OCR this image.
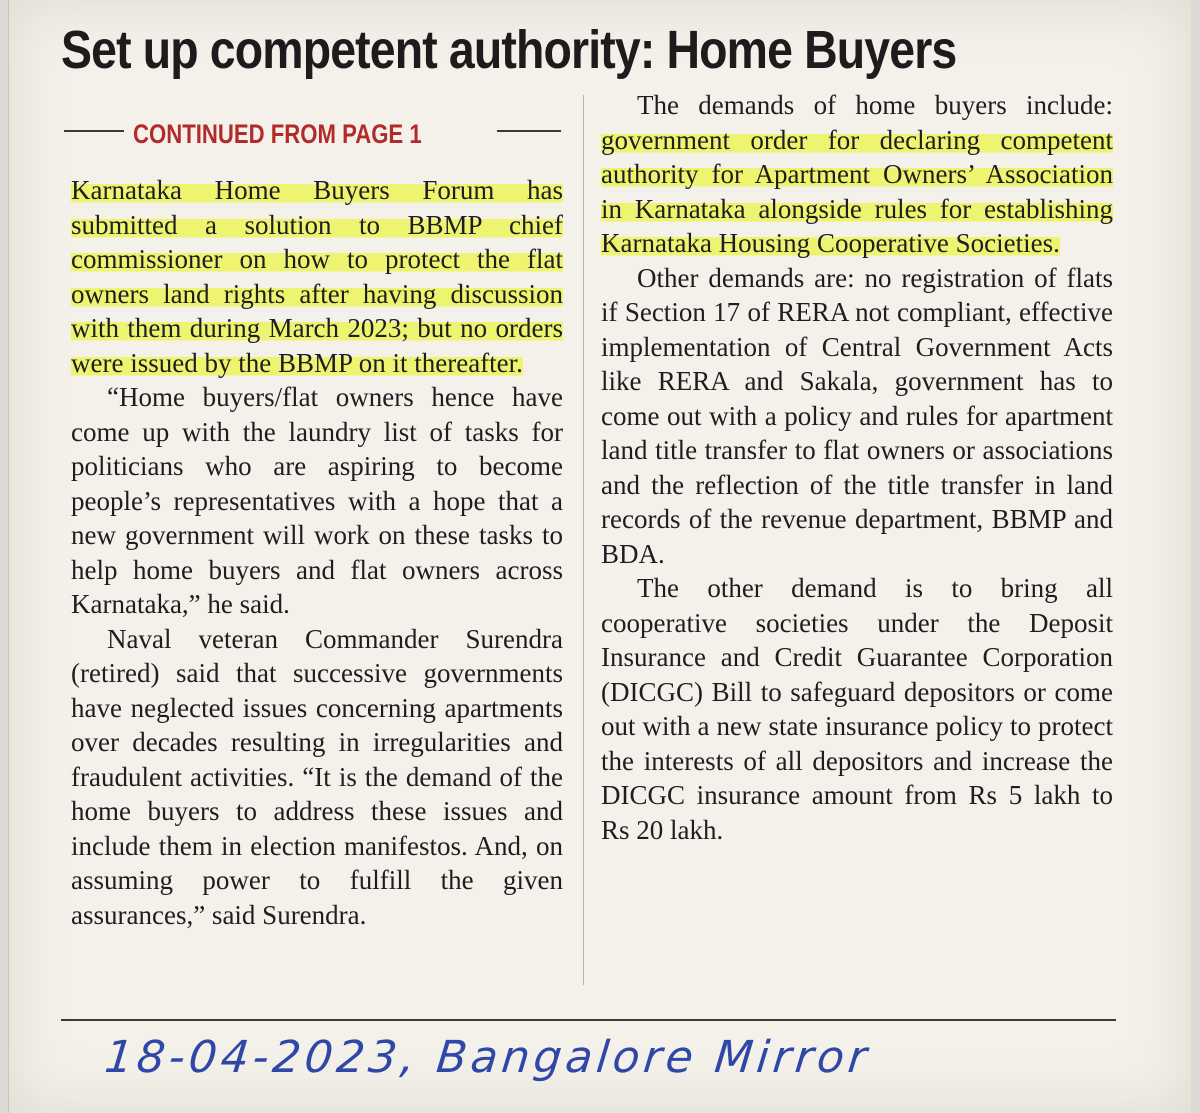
Set up competent authority: Home Buyers
CONTINUED FROM PAGE 1

Karnataka Home Buyers Forum has submitted a solution to BBMP chief commissioner on how to protect the flat owners land rights after having discussion with them during March 2023; but no orders were issued by the BBMP on it thereafter.

“Home buyers/flat owners hence have come up with the laundry list of tasks for politicians who are aspiring to become people’s representatives with a hope that a new government will work on these tasks to help home buyers and flat owners across Karnataka,” he said.

Naval veteran Commander Surendra (retired) said that successive governments have neglected issues concerning apartments over decades resulting in irregularities and fraudulent activities. “It is the demand of the home buyers to address these issues and include them in election manifestos. And, on assuming power to fulfill the given assurances,” said Surendra.

The demands of home buyers include: government order for declaring competent authority for Apartment Owners’ Association in Karnataka alongside rules for establishing Karnataka Housing Cooperative Societies.

Other demands are: no registration of flats if Section 17 of RERA not compliant, effective implementation of Central Government Acts like RERA and Sakala, government has to come out with a policy and rules for apartment land title transfer to flat owners or associations and the reflection of the title transfer in land records of the revenue department, BBMP and BDA.

The other demand is to bring all cooperative societies under the Deposit Insurance and Credit Guarantee Corporation (DICGC) Bill to safeguard depositors or come out with a new state insurance policy to protect the interests of all depositors and increase the DICGC insurance amount from Rs 5 lakh to Rs 20 lakh.

18-04-2023, Bangalore Mirror
